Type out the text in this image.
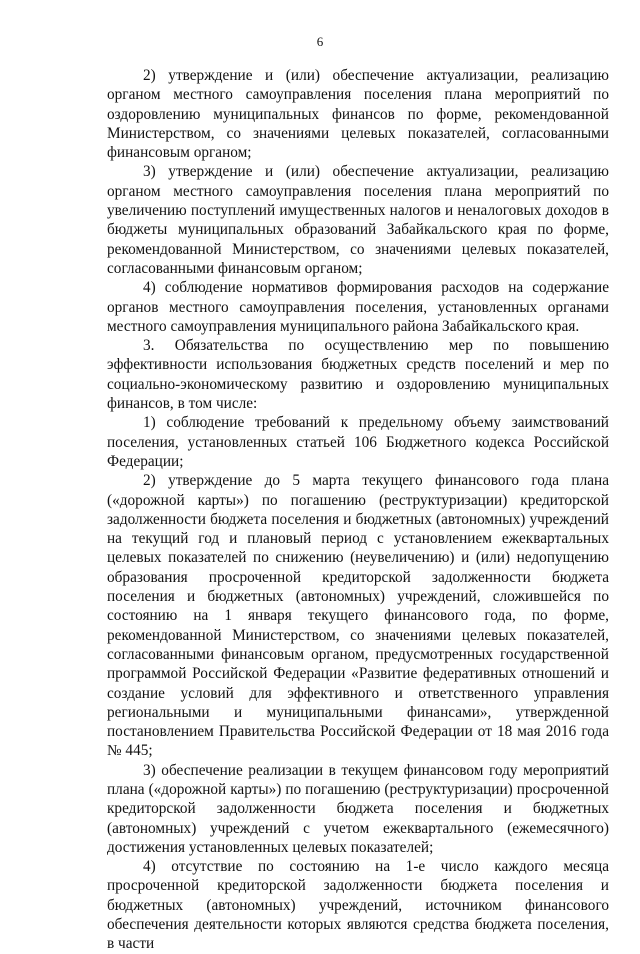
6

2) утверждение и (или) обеспечение актуализации, реализацию органом местного самоуправления поселения плана мероприятий по оздоровлению муниципальных финансов по форме, рекомендованной Министерством, со значениями целевых показателей, согласованными финансовым органом;

3) утверждение и (или) обеспечение актуализации, реализацию органом местного самоуправления поселения плана мероприятий по увеличению поступлений имущественных налогов и неналоговых доходов в бюджеты муниципальных образований Забайкальского края по форме, рекомендованной Министерством, со значениями целевых показателей, согласованными финансовым органом;

4) соблюдение нормативов формирования расходов на содержание органов местного самоуправления поселения, установленных органами местного самоуправления муниципального района Забайкальского края.

3. Обязательства по осуществлению мер по повышению эффективности использования бюджетных средств поселений и мер по социально-экономическому развитию и оздоровлению муниципальных финансов, в том числе:

1) соблюдение требований к предельному объему заимствований поселения, установленных статьей 106 Бюджетного кодекса Российской Федерации;

2) утверждение до 5 марта текущего финансового года плана («дорожной карты») по погашению (реструктуризации) кредиторской задолженности бюджета поселения и бюджетных (автономных) учреждений на текущий год и плановый период с установлением ежеквартальных целевых показателей по снижению (неувеличению) и (или) недопущению образования просроченной кредиторской задолженности бюджета поселения и бюджетных (автономных) учреждений, сложившейся по состоянию на 1 января текущего финансового года, по форме, рекомендованной Министерством, со значениями целевых показателей, согласованными финансовым органом, предусмотренных государственной программой Российской Федерации «Развитие федеративных отношений и создание условий для эффективного и ответственного управления региональными и муниципальными финансами», утвержденной постановлением Правительства Российской Федерации от 18 мая 2016 года № 445;

3) обеспечение реализации в текущем финансовом году мероприятий плана («дорожной карты») по погашению (реструктуризации) просроченной кредиторской задолженности бюджета поселения и бюджетных (автономных) учреждений с учетом ежеквартального (ежемесячного) достижения установленных целевых показателей;

4) отсутствие по состоянию на 1-е число каждого месяца просроченной кредиторской задолженности бюджета поселения и бюджетных (автономных) учреждений, источником финансового обеспечения деятельности которых являются средства бюджета поселения, в части
